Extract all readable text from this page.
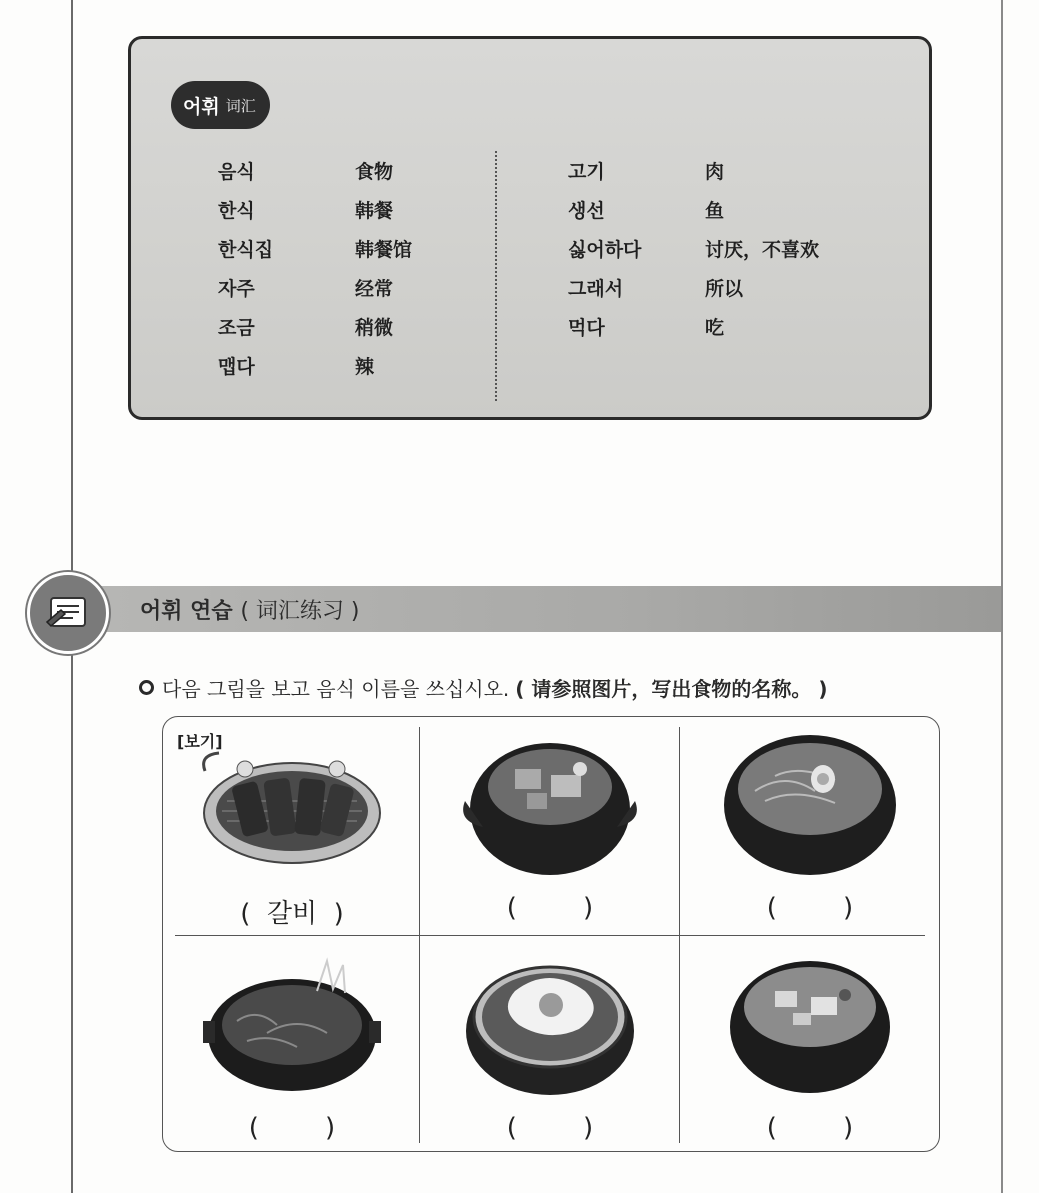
어휘 词汇
음식	食物
한식	韩餐
한식집	韩餐馆
자주	经常
조금	稍微
맵다	辣
고기	肉
생선	鱼
싫어하다	讨厌，不喜欢
그래서	所以
먹다	吃
어휘 연습 ( 词汇练习 )
다음 그림을 보고 음식 이름을 쓰십시오. ( 请参照图片，写出食物的名称。 )
[보기]
(  갈비  )	(        )	(        )
(        )	(        )	(        )
